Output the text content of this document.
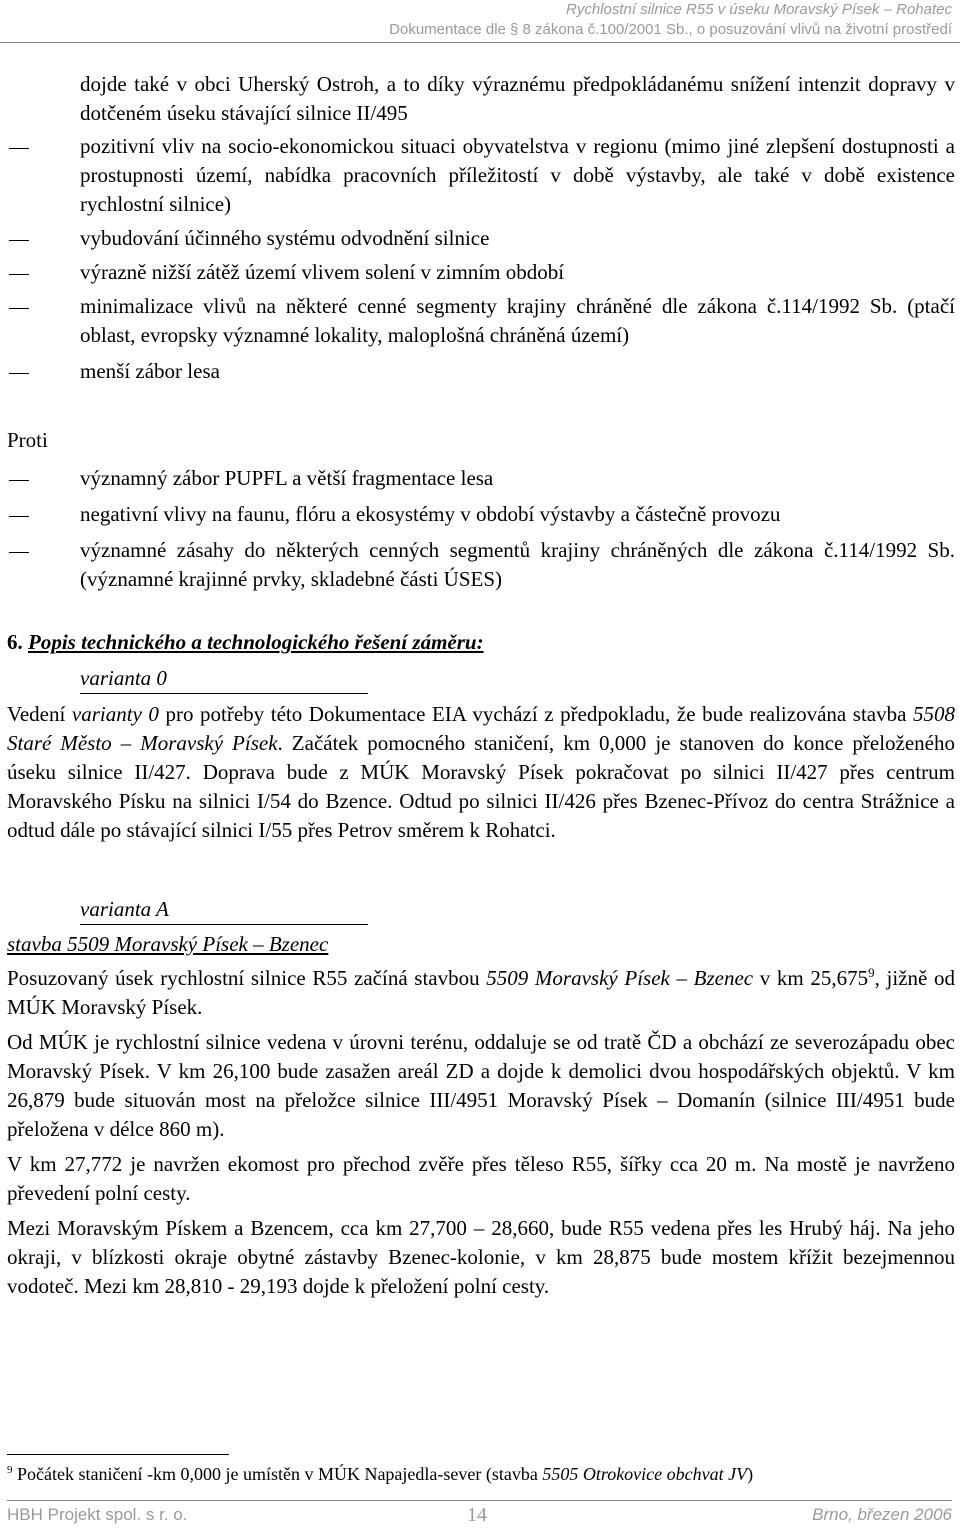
Rychlostní silnice R55 v úseku Moravský Písek – Rohatec
Dokumentace dle § 8 zákona č.100/2001 Sb., o posuzování vlivů na životní prostředí

dojde také v obci Uherský Ostroh, a to díky výraznému předpokládanému snížení intenzit dopravy v dotčeném úseku stávající silnice II/495

pozitivní vliv na socio-ekonomickou situaci obyvatelstva v regionu (mimo jiné zlepšení dostupnosti a prostupnosti území, nabídka pracovních příležitostí v době výstavby, ale také v době existence rychlostní silnice)
vybudování účinného systému odvodnění silnice
výrazně nižší zátěž území vlivem solení v zimním období
minimalizace vlivů na některé cenné segmenty krajiny chráněné dle zákona č.114/1992 Sb. (ptačí oblast, evropsky významné lokality, maloplošná chráněná území)
menší zábor lesa

Proti

významný zábor PUPFL a větší fragmentace lesa
negativní vlivy na faunu, flóru a ekosystémy v období výstavby a částečně provozu
významné zásahy do některých cenných segmentů krajiny chráněných dle zákona č.114/1992 Sb. (významné krajinné prvky, skladebné části ÚSES)

6. Popis technického a technologického řešení záměru:

varianta 0

Vedení varianty 0 pro potřeby této Dokumentace EIA vychází z předpokladu, že bude realizována stavba 5508 Staré Město – Moravský Písek. Začátek pomocného staničení, km 0,000 je stanoven do konce přeloženého úseku silnice II/427. Doprava bude z MÚK Moravský Písek pokračovat po silnici II/427 přes centrum Moravského Písku na silnici I/54 do Bzence. Odtud po silnici II/426 přes Bzenec-Přívoz do centra Strážnice a odtud dále po stávající silnici I/55 přes Petrov směrem k Rohatci.

varianta A

stavba 5509 Moravský Písek – Bzenec

Posuzovaný úsek rychlostní silnice R55 začíná stavbou 5509 Moravský Písek – Bzenec v km 25,675$^9$, jižně od MÚK Moravský Písek.

Od MÚK je rychlostní silnice vedena v úrovni terénu, oddaluje se od tratě ČD a obchází ze severozápadu obec Moravský Písek. V km 26,100 bude zasažen areál ZD a dojde k demolici dvou hospodářských objektů. V km 26,879 bude situován most na přeložce silnice III/4951 Moravský Písek – Domanín (silnice III/4951 bude přeložena v délce 860 m).

V km 27,772 je navržen ekomost pro přechod zvěře přes těleso R55, šířky cca 20 m. Na mostě je navrženo převedení polní cesty.

Mezi Moravským Pískem a Bzencem, cca km 27,700 – 28,660, bude R55 vedena přes les Hrubý háj. Na jeho okraji, v blízkosti okraje obytné zástavby Bzenec-kolonie, v km 28,875 bude mostem křížit bezejmennou vodoteč. Mezi km 28,810 - 29,193 dojde k přeložení polní cesty.

$^9$ Počátek staničení -km 0,000 je umístěn v MÚK Napajedla-sever (stavba 5505 Otrokovice obchvat JV)
HBH Projekt spol. s r. o.	14	Brno, březen 2006
